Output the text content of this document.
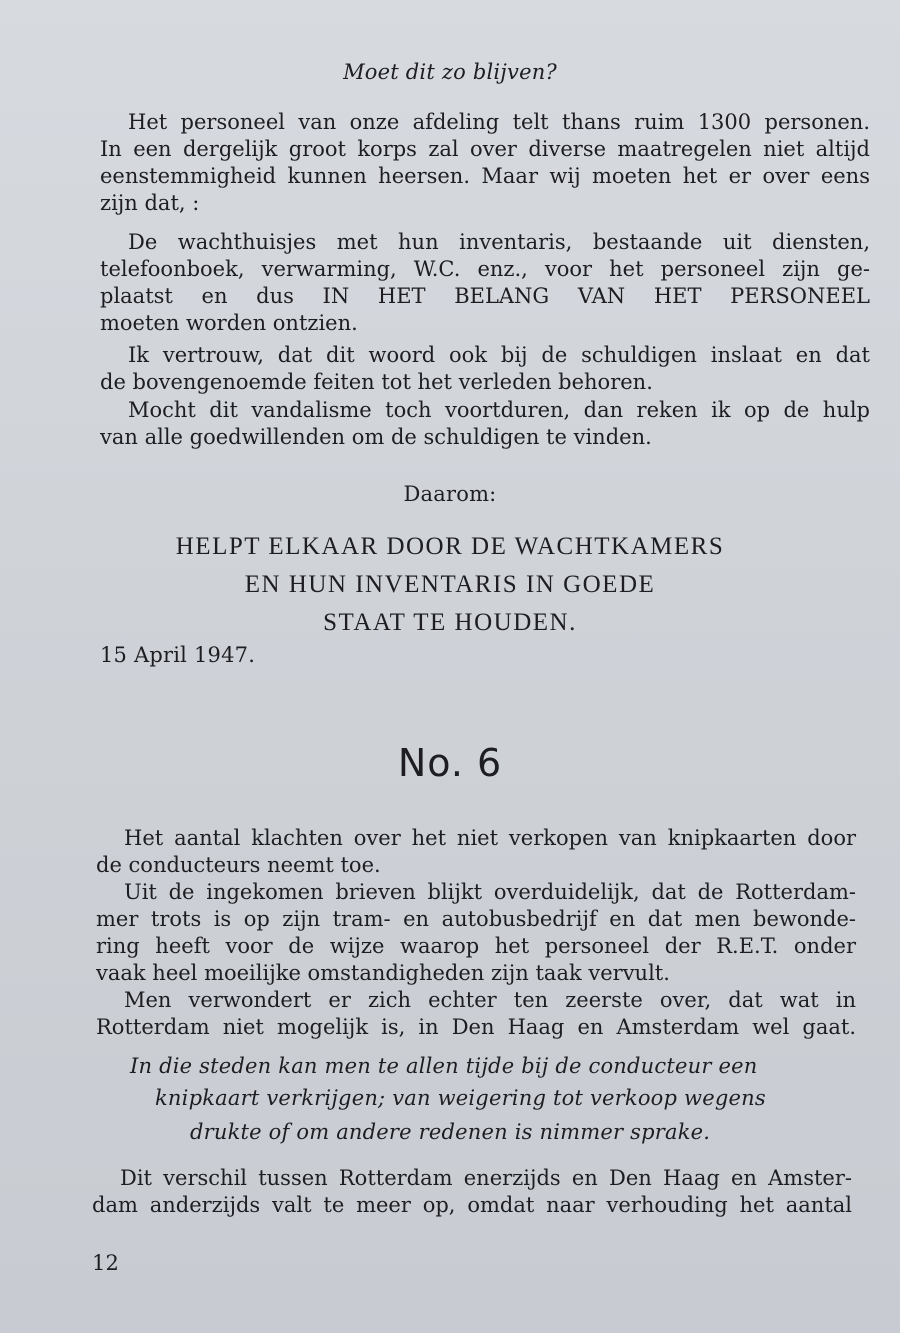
Moet dit zo blijven?
Het personeel van onze afdeling telt thans ruim 1300 personen.
In een dergelijk groot korps zal over diverse maatregelen niet altijd
eenstemmigheid kunnen heersen. Maar wij moeten het er over eens
zijn dat, :
De wachthuisjes met hun inventaris, bestaande uit diensten,
telefoonboek, verwarming, W.C. enz., voor het personeel zijn ge-
plaatst en dus IN HET BELANG VAN HET PERSONEEL
moeten worden ontzien.
Ik vertrouw, dat dit woord ook bij de schuldigen inslaat en dat
de bovengenoemde feiten tot het verleden behoren.
Mocht dit vandalisme toch voortduren, dan reken ik op de hulp
van alle goedwillenden om de schuldigen te vinden.
Daarom:
HELPT ELKAAR DOOR DE WACHTKAMERS
EN HUN INVENTARIS IN GOEDE
STAAT TE HOUDEN.
15 April 1947.
No. 6
Het aantal klachten over het niet verkopen van knipkaarten door
de conducteurs neemt toe.
Uit de ingekomen brieven blijkt overduidelijk, dat de Rotterdam-
mer trots is op zijn tram- en autobusbedrijf en dat men bewonde-
ring heeft voor de wijze waarop het personeel der R.E.T. onder
vaak heel moeilijke omstandigheden zijn taak vervult.
Men verwondert er zich echter ten zeerste over, dat wat in
Rotterdam niet mogelijk is, in Den Haag en Amsterdam wel gaat.
In die steden kan men te allen tijde bij de conducteur een
knipkaart verkrijgen; van weigering tot verkoop wegens
drukte of om andere redenen is nimmer sprake.
Dit verschil tussen Rotterdam enerzijds en Den Haag en Amster-
dam anderzijds valt te meer op, omdat naar verhouding het aantal
12
